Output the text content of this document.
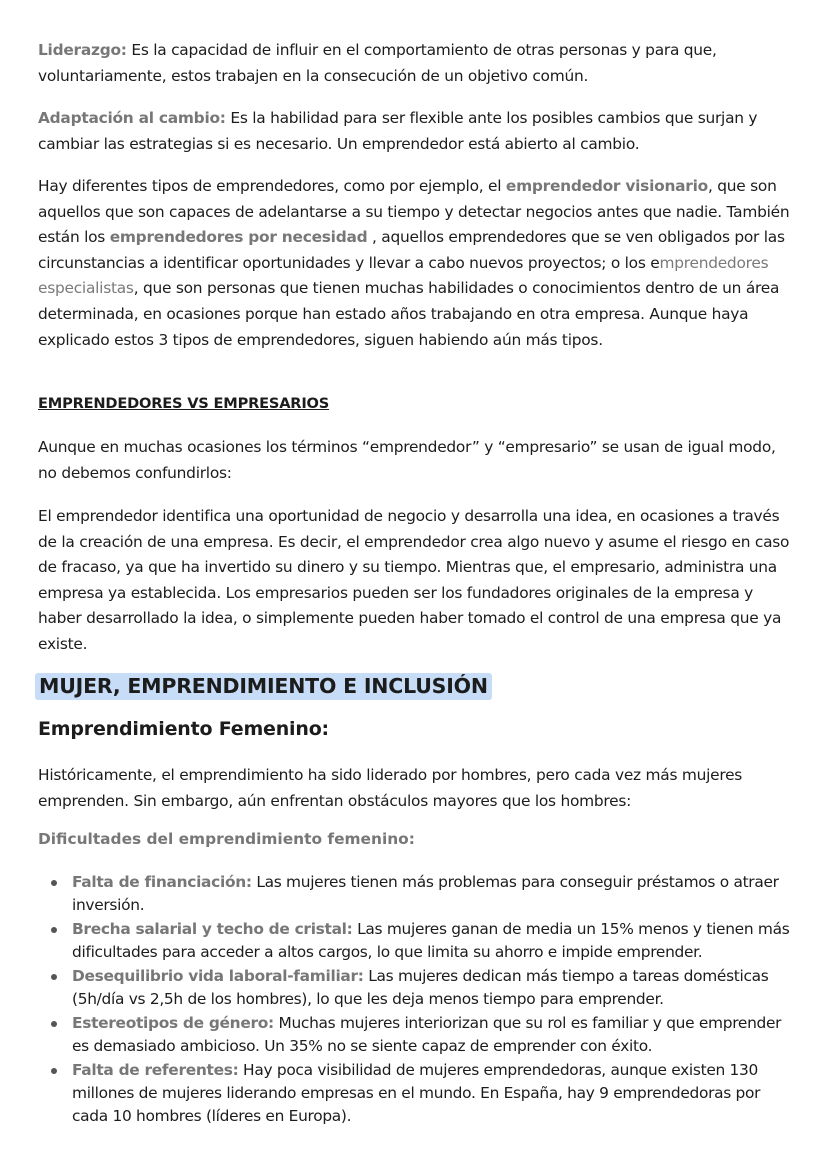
Liderazgo: Es la capacidad de influir en el comportamiento de otras personas y para que, voluntariamente, estos trabajen en la consecución de un objetivo común.

Adaptación al cambio: Es la habilidad para ser flexible ante los posibles cambios que surjan y cambiar las estrategias si es necesario. Un emprendedor está abierto al cambio.

Hay diferentes tipos de emprendedores, como por ejemplo, el emprendedor visionario, que son aquellos que son capaces de adelantarse a su tiempo y detectar negocios antes que nadie. También están los emprendedores por necesidad , aquellos emprendedores que se ven obligados por las circunstancias a identificar oportunidades y llevar a cabo nuevos proyectos; o los emprendedores especialistas, que son personas que tienen muchas habilidades o conocimientos dentro de un área determinada, en ocasiones porque han estado años trabajando en otra empresa. Aunque haya explicado estos 3 tipos de emprendedores, siguen habiendo aún más tipos.

EMPRENDEDORES VS EMPRESARIOS

Aunque en muchas ocasiones los términos “emprendedor” y “empresario” se usan de igual modo, no debemos confundirlos:

El emprendedor identifica una oportunidad de negocio y desarrolla una idea, en ocasiones a través de la creación de una empresa. Es decir, el emprendedor crea algo nuevo y asume el riesgo en caso de fracaso, ya que ha invertido su dinero y su tiempo. Mientras que, el empresario, administra una empresa ya establecida. Los empresarios pueden ser los fundadores originales de la empresa y haber desarrollado la idea, o simplemente pueden haber tomado el control de una empresa que ya existe.

MUJER, EMPRENDIMIENTO E INCLUSIÓN

Emprendimiento Femenino:

Históricamente, el emprendimiento ha sido liderado por hombres, pero cada vez más mujeres emprenden. Sin embargo, aún enfrentan obstáculos mayores que los hombres:

Dificultades del emprendimiento femenino:

Falta de financiación: Las mujeres tienen más problemas para conseguir préstamos o atraer inversión.
Brecha salarial y techo de cristal: Las mujeres ganan de media un 15% menos y tienen más dificultades para acceder a altos cargos, lo que limita su ahorro e impide emprender.
Desequilibrio vida laboral-familiar: Las mujeres dedican más tiempo a tareas domésticas (5h/día vs 2,5h de los hombres), lo que les deja menos tiempo para emprender.
Estereotipos de género: Muchas mujeres interiorizan que su rol es familiar y que emprender es demasiado ambicioso. Un 35% no se siente capaz de emprender con éxito.
Falta de referentes: Hay poca visibilidad de mujeres emprendedoras, aunque existen 130 millones de mujeres liderando empresas en el mundo. En España, hay 9 emprendedoras por cada 10 hombres (líderes en Europa).
